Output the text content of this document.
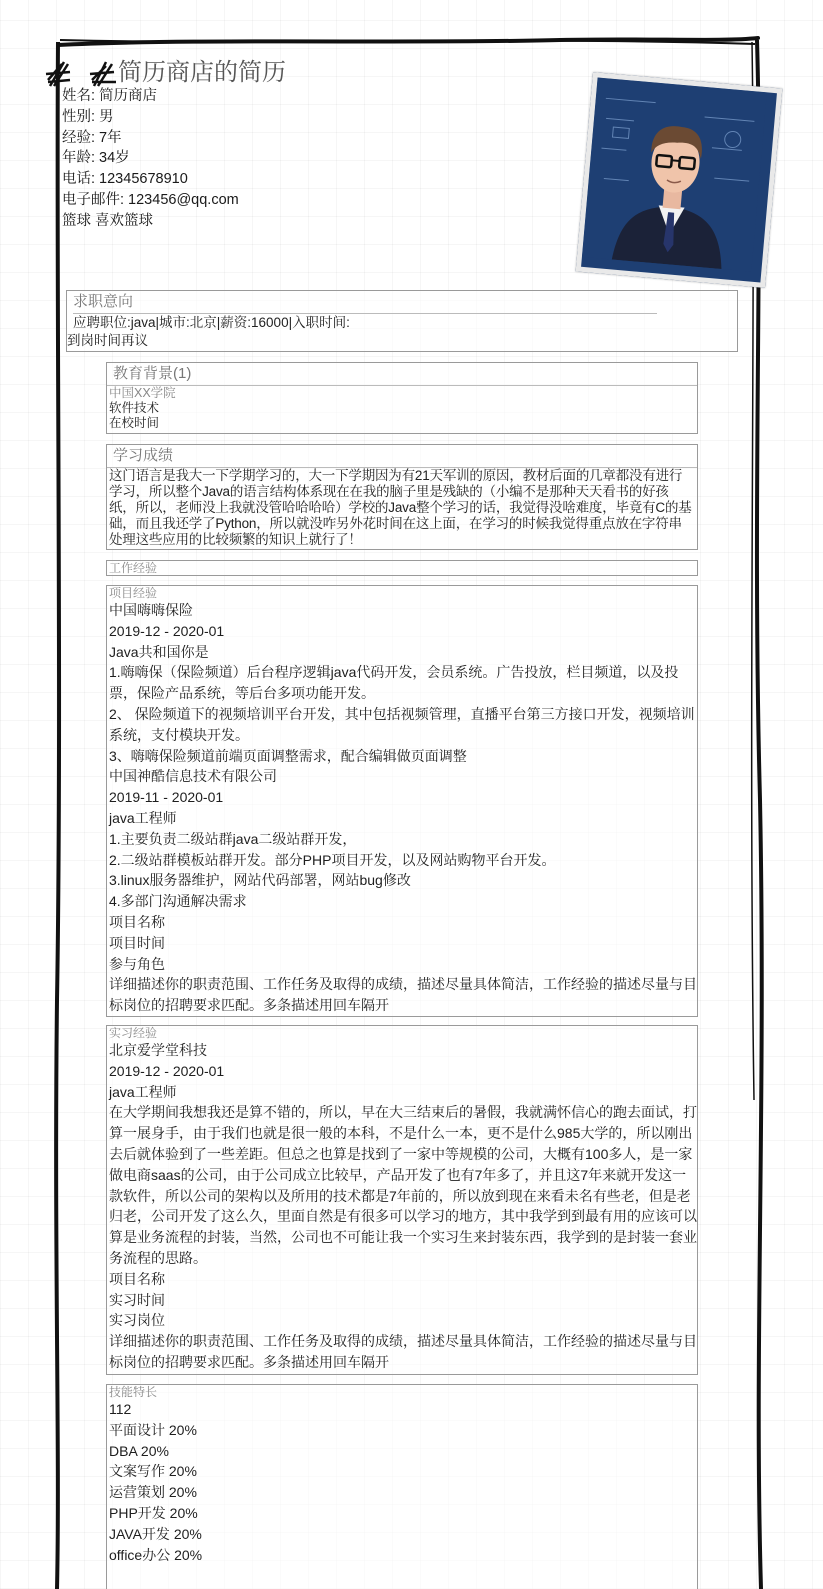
简历商店的简历
姓名: 简历商店
性别: 男
经验: 7年
年龄: 34岁
电话: 12345678910
电子邮件: 123456@qq.com
篮球 喜欢篮球
求职意向
应聘职位:java|城市:北京|薪资:16000|入职时间:
到岗时间再议
教育背景(1)
中国XX学院
软件技术
在校时间
学习成绩
这门语言是我大一下学期学习的，大一下学期因为有21天军训的原因，教材后面的几章都没有进行学习，所以整个Java的语言结构体系现在在我的脑子里是残缺的（小编不是那种天天看书的好孩纸，所以，老师没上我就没管哈哈哈哈）学校的Java整个学习的话，我觉得没啥难度，毕竟有C的基础，而且我还学了Python，所以就没咋另外花时间在这上面，在学习的时候我觉得重点放在字符串处理这些应用的比较频繁的知识上就行了！
工作经验
项目经验
中国嗨嗨保险
2019-12 - 2020-01
Java共和国你是
1.嗨嗨保（保险频道）后台程序逻辑java代码开发，会员系统。广告投放，栏目频道，以及投票，保险产品系统，等后台多项功能开发。
2、 保险频道下的视频培训平台开发，其中包括视频管理，直播平台第三方接口开发，视频培训系统，支付模块开发。
3、嗨嗨保险频道前端页面调整需求，配合编辑做页面调整
中国神酷信息技术有限公司
2019-11 - 2020-01
java工程师
1.主要负责二级站群java二级站群开发，
2.二级站群模板站群开发。部分PHP项目开发，以及网站购物平台开发。
3.linux服务器维护，网站代码部署，网站bug修改
4.多部门沟通解决需求
项目名称
项目时间
参与角色
详细描述你的职责范围、工作任务及取得的成绩，描述尽量具体简洁，工作经验的描述尽量与目标岗位的招聘要求匹配。多条描述用回车隔开
实习经验
北京爱学堂科技
2019-12 - 2020-01
java工程师
在大学期间我想我还是算不错的，所以，早在大三结束后的暑假，我就满怀信心的跑去面试，打算一展身手，由于我们也就是很一般的本科，不是什么一本，更不是什么985大学的，所以刚出去后就体验到了一些差距。但总之也算是找到了一家中等规模的公司，大概有100多人，是一家做电商saas的公司，由于公司成立比较早，产品开发了也有7年多了，并且这7年来就开发这一款软件，所以公司的架构以及所用的技术都是7年前的，所以放到现在来看未名有些老，但是老归老，公司开发了这么久，里面自然是有很多可以学习的地方，其中我学到到最有用的应该可以算是业务流程的封装，当然，公司也不可能让我一个实习生来封装东西，我学到的是封装一套业务流程的思路。
项目名称
实习时间
实习岗位
详细描述你的职责范围、工作任务及取得的成绩，描述尽量具体简洁，工作经验的描述尽量与目标岗位的招聘要求匹配。多条描述用回车隔开
技能特长
112
平面设计 20%
DBA 20%
文案写作 20%
运营策划 20%
PHP开发 20%
JAVA开发 20%
office办公 20%
